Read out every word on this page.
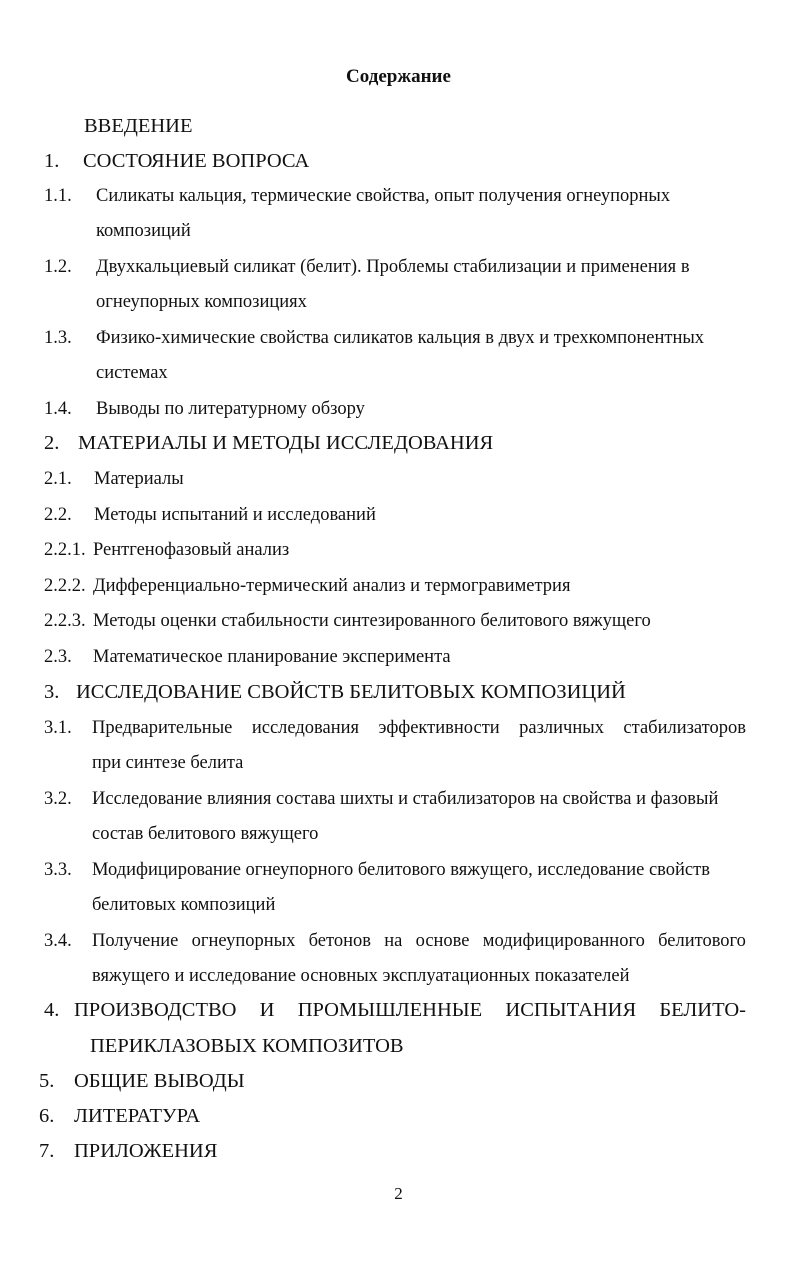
Содержание
ВВЕДЕНИЕ
1. СОСТОЯНИЕ ВОПРОСА
1.1. Силикаты кальция, термические свойства, опыт получения огнеупорных
композиций
1.2. Двухкальциевый силикат (белит). Проблемы стабилизации и применения в
огнеупорных композициях
1.3. Физико-химические свойства силикатов кальция в двух и трехкомпонентных
системах
1.4. Выводы по литературному обзору
2. МАТЕРИАЛЫ И МЕТОДЫ ИССЛЕДОВАНИЯ
2.1. Материалы
2.2. Методы испытаний и исследований
2.2.1. Рентгенофазовый анализ
2.2.2. Дифференциально-термический анализ и термогравиметрия
2.2.3. Методы оценки стабильности синтезированного белитового вяжущего
2.3. Математическое планирование эксперимента
3. ИССЛЕДОВАНИЕ СВОЙСТВ БЕЛИТОВЫХ КОМПОЗИЦИЙ
3.1. Предварительные исследования эффективности различных стабилизаторов
при синтезе белита
3.2. Исследование влияния состава шихты и стабилизаторов на свойства и фазовый
состав белитового вяжущего
3.3. Модифицирование огнеупорного белитового вяжущего, исследование свойств
белитовых композиций
3.4. Получение огнеупорных бетонов на основе модифицированного белитового
вяжущего и исследование основных эксплуатационных показателей
4. ПРОИЗВОДСТВО И ПРОМЫШЛЕННЫЕ ИСПЫТАНИЯ БЕЛИТО-
ПЕРИКЛАЗОВЫХ КОМПОЗИТОВ
5. ОБЩИЕ ВЫВОДЫ
6. ЛИТЕРАТУРА
7. ПРИЛОЖЕНИЯ
2
